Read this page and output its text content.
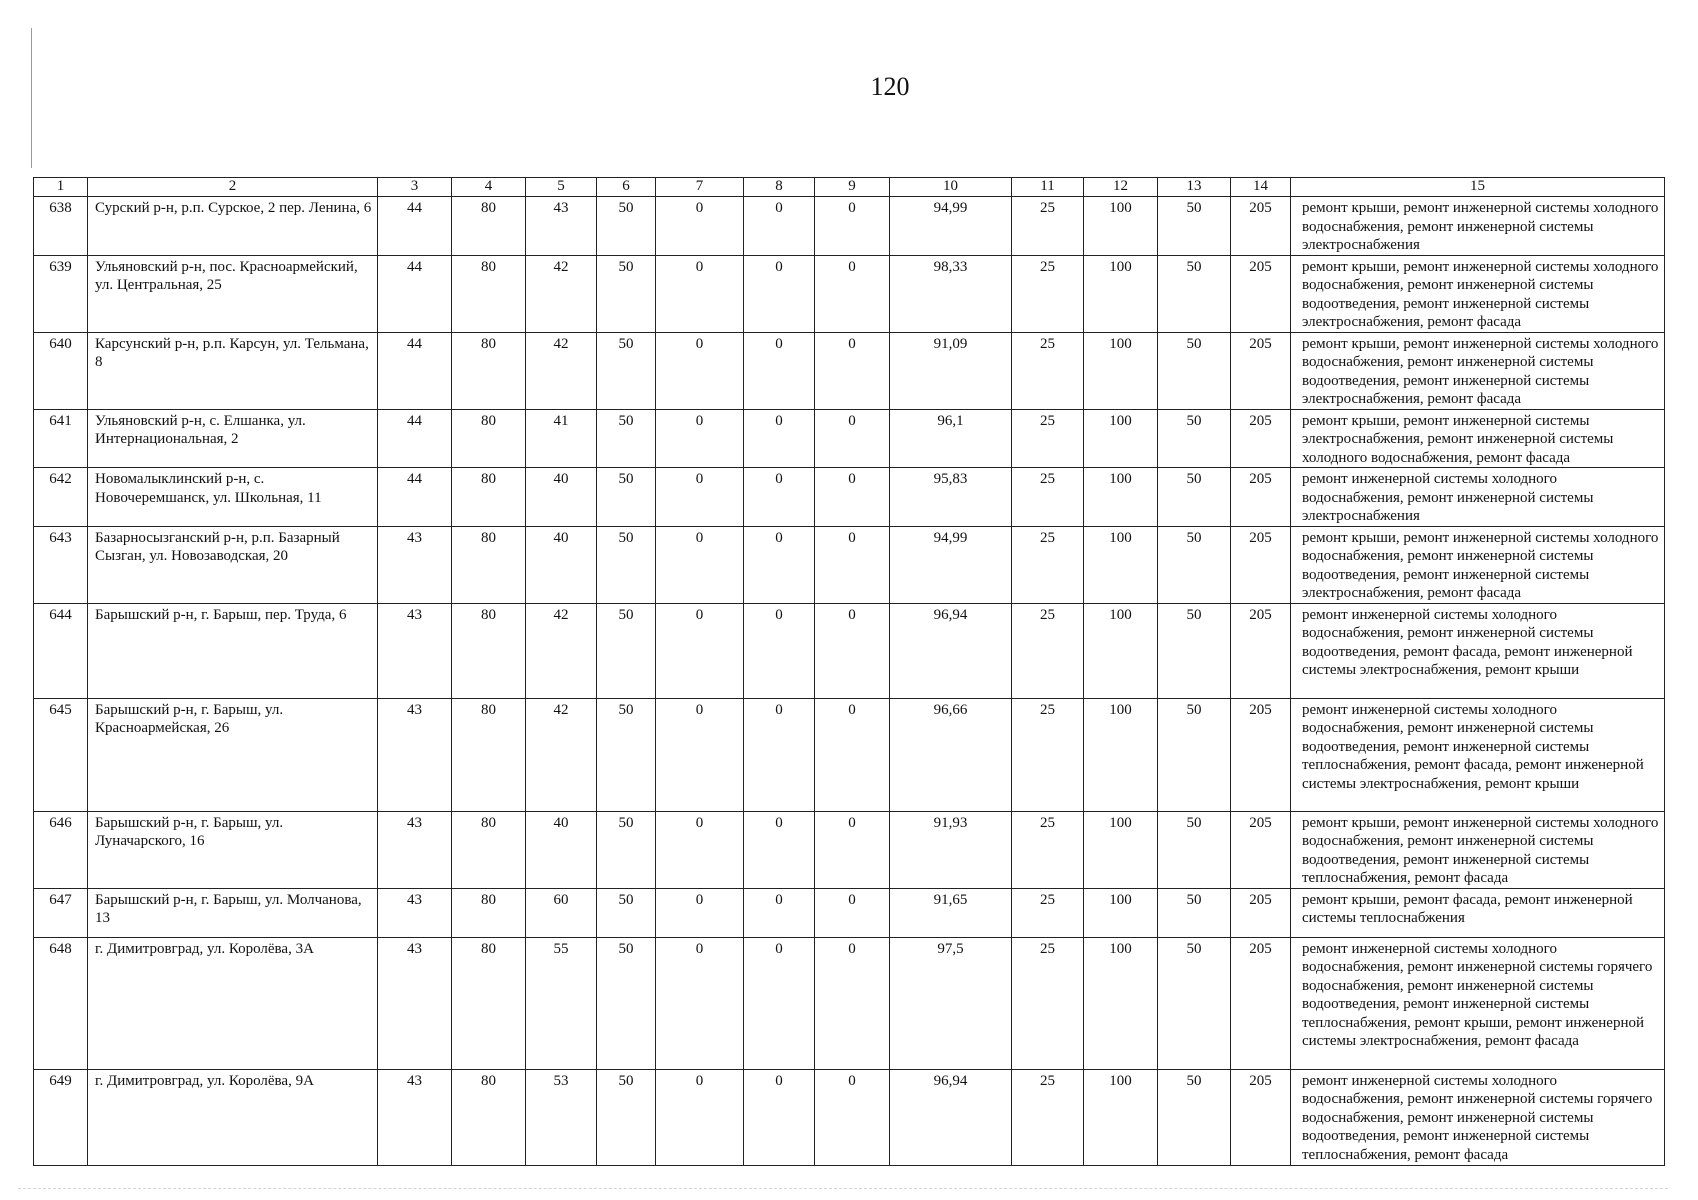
120
1	2	3	4	5	6	7	8	9	10	11	12	13	14	15
638	Сурский р-н, р.п. Сурское, 2 пер. Ленина, 6	44	80	43	50	0	0	0	94,99	25	100	50	205	ремонт крыши, ремонт инженерной системы холодного водоснабжения, ремонт инженерной системы электроснабжения
639	Ульяновский р-н, пос. Красноармейский, ул. Центральная, 25	44	80	42	50	0	0	0	98,33	25	100	50	205	ремонт крыши, ремонт инженерной системы холодного водоснабжения, ремонт инженерной системы водоотведения, ремонт инженерной системы электроснабжения, ремонт фасада
640	Карсунский р-н, р.п. Карсун, ул. Тельмана, 8	44	80	42	50	0	0	0	91,09	25	100	50	205	ремонт крыши, ремонт инженерной системы холодного водоснабжения, ремонт инженерной системы водоотведения, ремонт инженерной системы электроснабжения, ремонт фасада
641	Ульяновский р-н, с. Елшанка, ул. Интернациональная, 2	44	80	41	50	0	0	0	96,1	25	100	50	205	ремонт крыши, ремонт инженерной системы электроснабжения, ремонт инженерной системы холодного водоснабжения, ремонт фасада
642	Новомалыклинский р-н, с. Новочеремшанск, ул. Школьная, 11	44	80	40	50	0	0	0	95,83	25	100	50	205	ремонт инженерной системы холодного водоснабжения, ремонт инженерной системы электроснабжения
643	Базарносызганский р-н, р.п. Базарный Сызган, ул. Новозаводская, 20	43	80	40	50	0	0	0	94,99	25	100	50	205	ремонт крыши, ремонт инженерной системы холодного водоснабжения, ремонт инженерной системы водоотведения, ремонт инженерной системы электроснабжения, ремонт фасада
644	Барышский р-н, г. Барыш, пер. Труда, 6	43	80	42	50	0	0	0	96,94	25	100	50	205	ремонт инженерной системы холодного водоснабжения, ремонт инженерной системы водоотведения, ремонт фасада, ремонт инженерной системы электроснабжения, ремонт крыши
645	Барышский р-н, г. Барыш, ул. Красноармейская, 26	43	80	42	50	0	0	0	96,66	25	100	50	205	ремонт инженерной системы холодного водоснабжения, ремонт инженерной системы водоотведения, ремонт инженерной системы теплоснабжения, ремонт фасада, ремонт инженерной системы электроснабжения, ремонт крыши
646	Барышский р-н, г. Барыш, ул. Луначарского, 16	43	80	40	50	0	0	0	91,93	25	100	50	205	ремонт крыши, ремонт инженерной системы холодного водоснабжения, ремонт инженерной системы водоотведения, ремонт инженерной системы теплоснабжения, ремонт фасада
647	Барышский р-н, г. Барыш, ул. Молчанова, 13	43	80	60	50	0	0	0	91,65	25	100	50	205	ремонт крыши, ремонт фасада, ремонт инженерной системы теплоснабжения
648	г. Димитровград, ул. Королёва, 3А	43	80	55	50	0	0	0	97,5	25	100	50	205	ремонт инженерной системы холодного водоснабжения, ремонт инженерной системы горячего водоснабжения, ремонт инженерной системы водоотведения, ремонт инженерной системы теплоснабжения, ремонт крыши, ремонт инженерной системы электроснабжения, ремонт фасада
649	г. Димитровград, ул. Королёва, 9А	43	80	53	50	0	0	0	96,94	25	100	50	205	ремонт инженерной системы холодного водоснабжения, ремонт инженерной системы горячего водоснабжения, ремонт инженерной системы водоотведения, ремонт инженерной системы теплоснабжения, ремонт фасада
